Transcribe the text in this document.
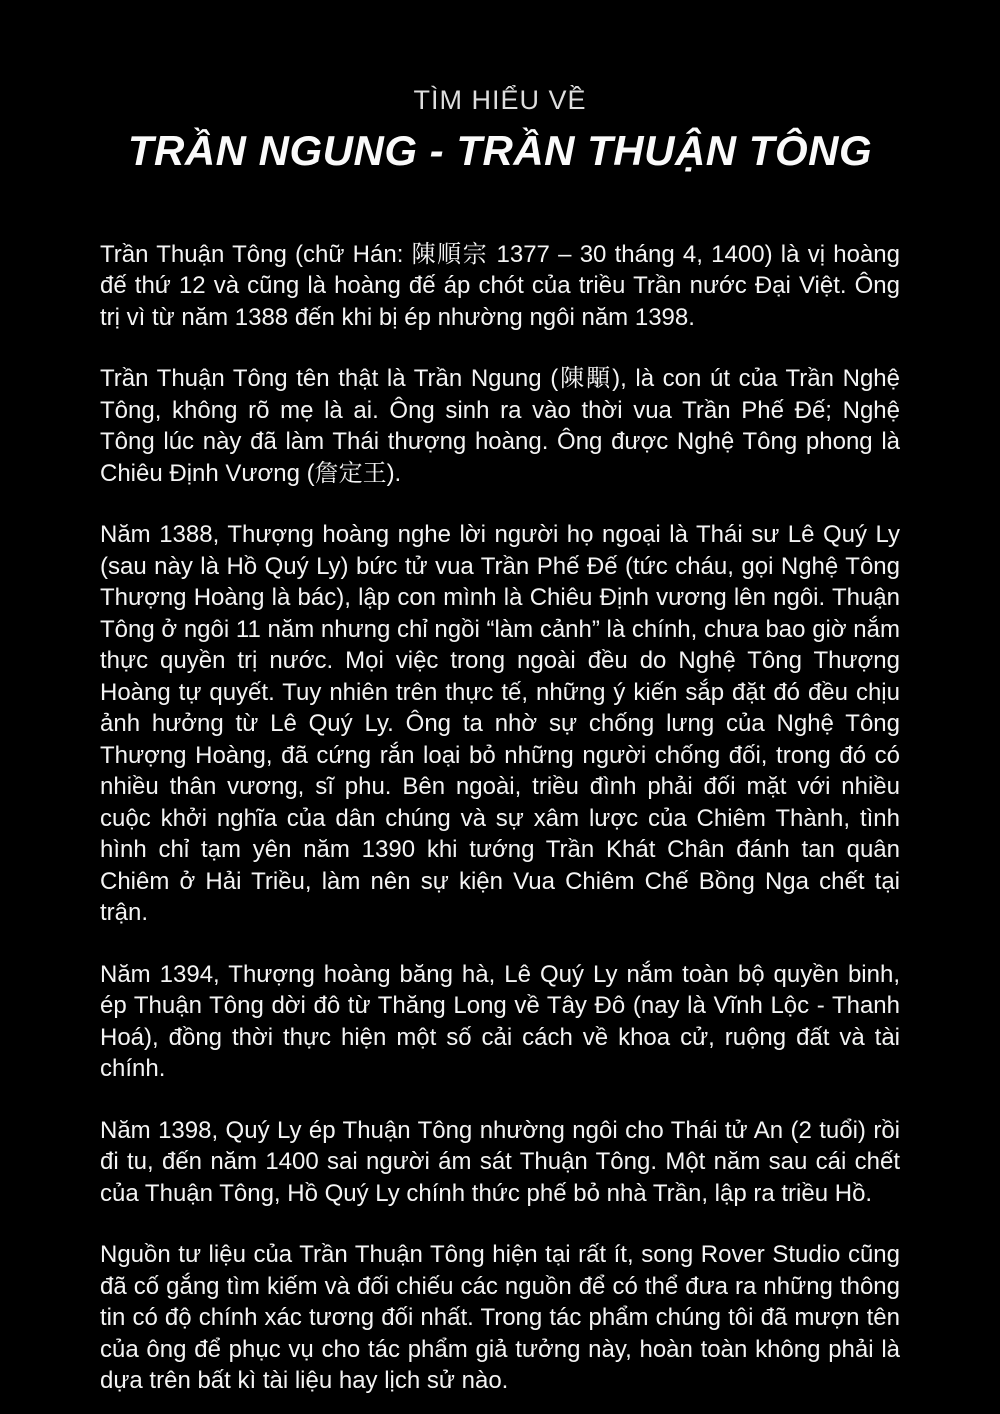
TÌM HIỂU VỀ
TRẦN NGUNG - TRẦN THUẬN TÔNG

Trần Thuận Tông (chữ Hán: 陳順宗 1377 – 30 tháng 4, 1400) là vị hoàng đế thứ 12 và cũng là hoàng đế áp chót của triều Trần nước Đại Việt. Ông trị vì từ năm 1388 đến khi bị ép nhường ngôi năm 1398.

Trần Thuận Tông tên thật là Trần Ngung (陳顒), là con út của Trần Nghệ Tông, không rõ mẹ là ai. Ông sinh ra vào thời vua Trần Phế Đế; Nghệ Tông lúc này đã làm Thái thượng hoàng. Ông được Nghệ Tông phong là Chiêu Định Vương (詹定王).

Năm 1388, Thượng hoàng nghe lời người họ ngoại là Thái sư Lê Quý Ly (sau này là Hồ Quý Ly) bức tử vua Trần Phế Đế (tức cháu, gọi Nghệ Tông Thượng Hoàng là bác), lập con mình là Chiêu Định vương lên ngôi. Thuận Tông ở ngôi 11 năm nhưng chỉ ngồi “làm cảnh” là chính, chưa bao giờ nắm thực quyền trị nước. Mọi việc trong ngoài đều do Nghệ Tông Thượng Hoàng tự quyết. Tuy nhiên trên thực tế, những ý kiến sắp đặt đó đều chịu ảnh hưởng từ Lê Quý Ly. Ông ta nhờ sự chống lưng của Nghệ Tông Thượng Hoàng, đã cứng rắn loại bỏ những người chống đối, trong đó có nhiều thân vương, sĩ phu. Bên ngoài, triều đình phải đối mặt với nhiều cuộc khởi nghĩa của dân chúng và sự xâm lược của Chiêm Thành, tình hình chỉ tạm yên năm 1390 khi tướng Trần Khát Chân đánh tan quân Chiêm ở Hải Triều, làm nên sự kiện Vua Chiêm Chế Bồng Nga chết tại trận.

Năm 1394, Thượng hoàng băng hà, Lê Quý Ly nắm toàn bộ quyền binh, ép Thuận Tông dời đô từ Thăng Long về Tây Đô (nay là Vĩnh Lộc - Thanh Hoá), đồng thời thực hiện một số cải cách về khoa cử, ruộng đất và tài chính.

Năm 1398, Quý Ly ép Thuận Tông nhường ngôi cho Thái tử An (2 tuổi) rồi đi tu, đến năm 1400 sai người ám sát Thuận Tông. Một năm sau cái chết của Thuận Tông, Hồ Quý Ly chính thức phế bỏ nhà Trần, lập ra triều Hồ.

Nguồn tư liệu của Trần Thuận Tông hiện tại rất ít, song Rover Studio cũng đã cố gắng tìm kiếm và đối chiếu các nguồn để có thể đưa ra những thông tin có độ chính xác tương đối nhất. Trong tác phẩm chúng tôi đã mượn tên của ông để phục vụ cho tác phẩm giả tưởng này, hoàn toàn không phải là dựa trên bất kì tài liệu hay lịch sử nào.
